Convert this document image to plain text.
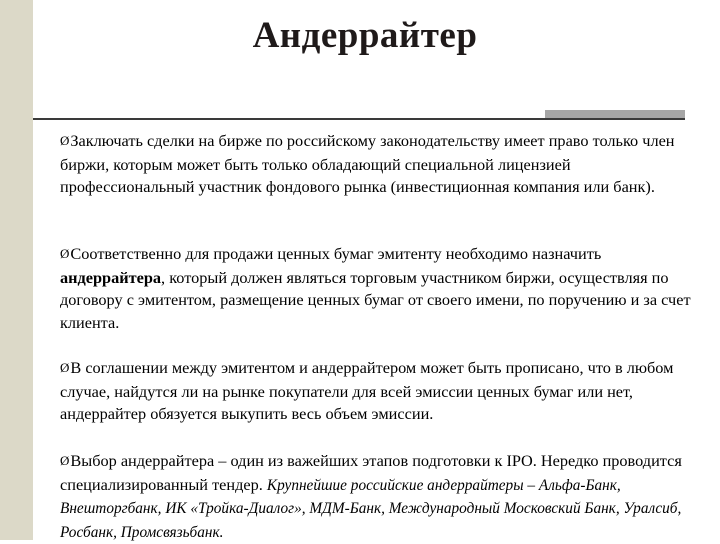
Андеррайтер
ØЗаключать сделки на бирже по российскому законодательству имеет право только член биржи, которым может быть только обладающий специальной лицензией профессиональный участник фондового рынка (инвестиционная компания или банк).
ØСоответственно для продажи ценных бумаг эмитенту необходимо назначить андеррайтера, который должен являться торговым участником биржи, осуществляя по договору с эмитентом, размещение ценных бумаг от своего имени, по поручению и за счет клиента.
ØВ соглашении между эмитентом и андеррайтером может быть прописано, что в любом случае, найдутся ли на рынке покупатели для всей эмиссии ценных бумаг или нет, андеррайтер обязуется выкупить весь объем эмиссии.
ØВыбор андеррайтера – один из важейших этапов подготовки к IPO. Нередко проводится специализированный тендер. Крупнейшие российские андеррайтеры – Альфа-Банк, Внешторгбанк, ИК «Тройка-Диалог», МДМ-Банк, Международный Московский Банк, Уралсиб, Росбанк, Промсвязьбанк.
